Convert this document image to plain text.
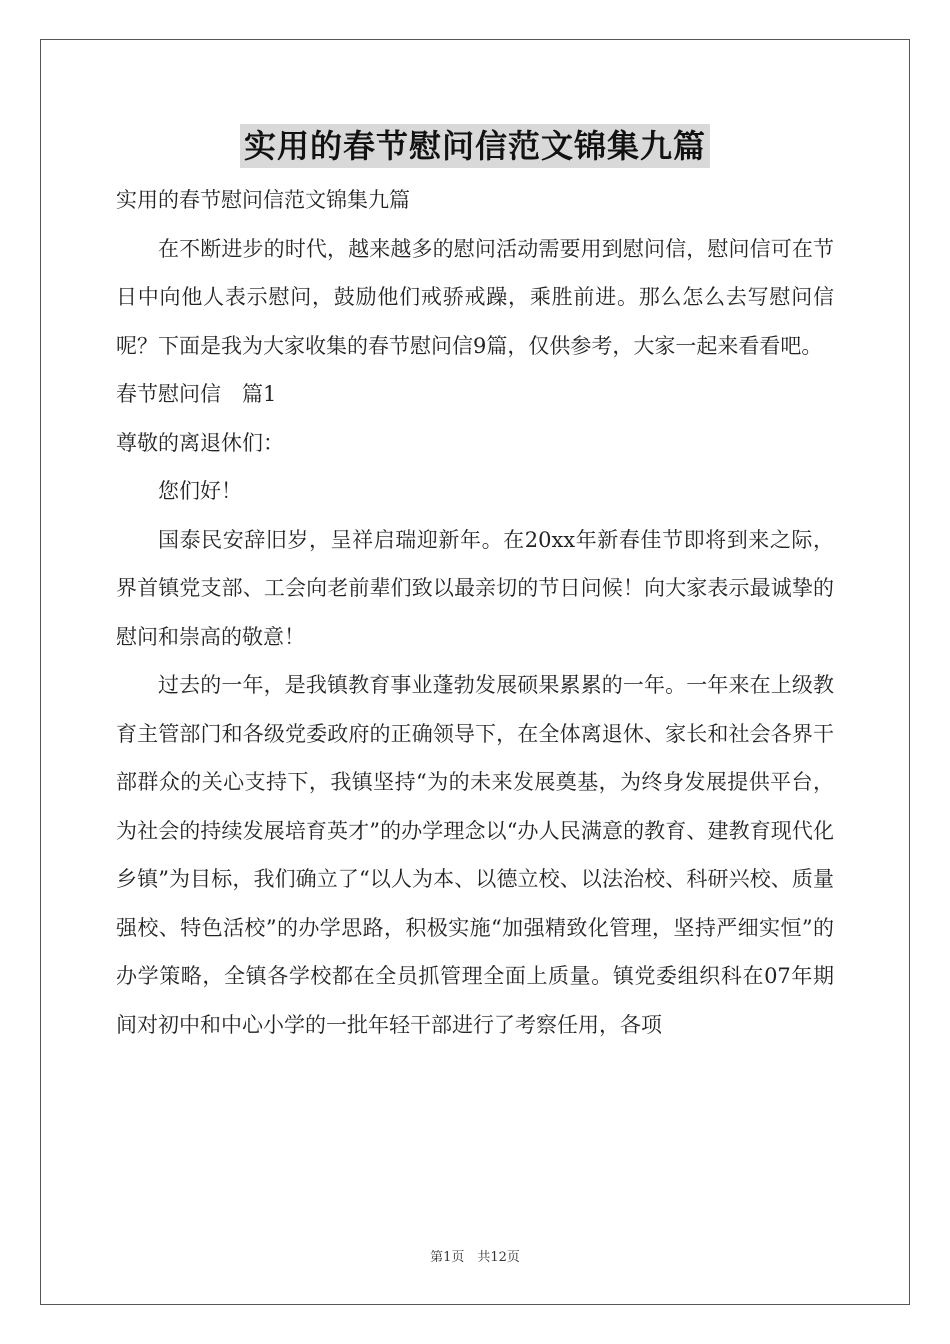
实用的春节慰问信范文锦集九篇

实用的春节慰问信范文锦集九篇

在不断进步的时代，越来越多的慰问活动需要用到慰问信，慰问信可在节日中向他人表示慰问，鼓励他们戒骄戒躁，乘胜前进。那么怎么去写慰问信呢？下面是我为大家收集的春节慰问信9篇，仅供参考，大家一起来看看吧。

春节慰问信　篇1

尊敬的离退休们：

您们好！

国泰民安辞旧岁，呈祥启瑞迎新年。在20xx年新春佳节即将到来之际，界首镇党支部、工会向老前辈们致以最亲切的节日问候！向大家表示最诚挚的慰问和崇高的敬意！

过去的一年，是我镇教育事业蓬勃发展硕果累累的一年。一年来在上级教育主管部门和各级党委政府的正确领导下，在全体离退休、家长和社会各界干部群众的关心支持下，我镇坚持“为的未来发展奠基，为终身发展提供平台，为社会的持续发展培育英才”的办学理念以“办人民满意的教育、建教育现代化乡镇”为目标，我们确立了“以人为本、以德立校、以法治校、科研兴校、质量强校、特色活校”的办学思路，积极实施“加强精致化管理，坚持严细实恒”的办学策略，全镇各学校都在全员抓管理全面上质量。镇党委组织科在07年期间对初中和中心小学的一批年轻干部进行了考察任用，各项

第1页　共12页
